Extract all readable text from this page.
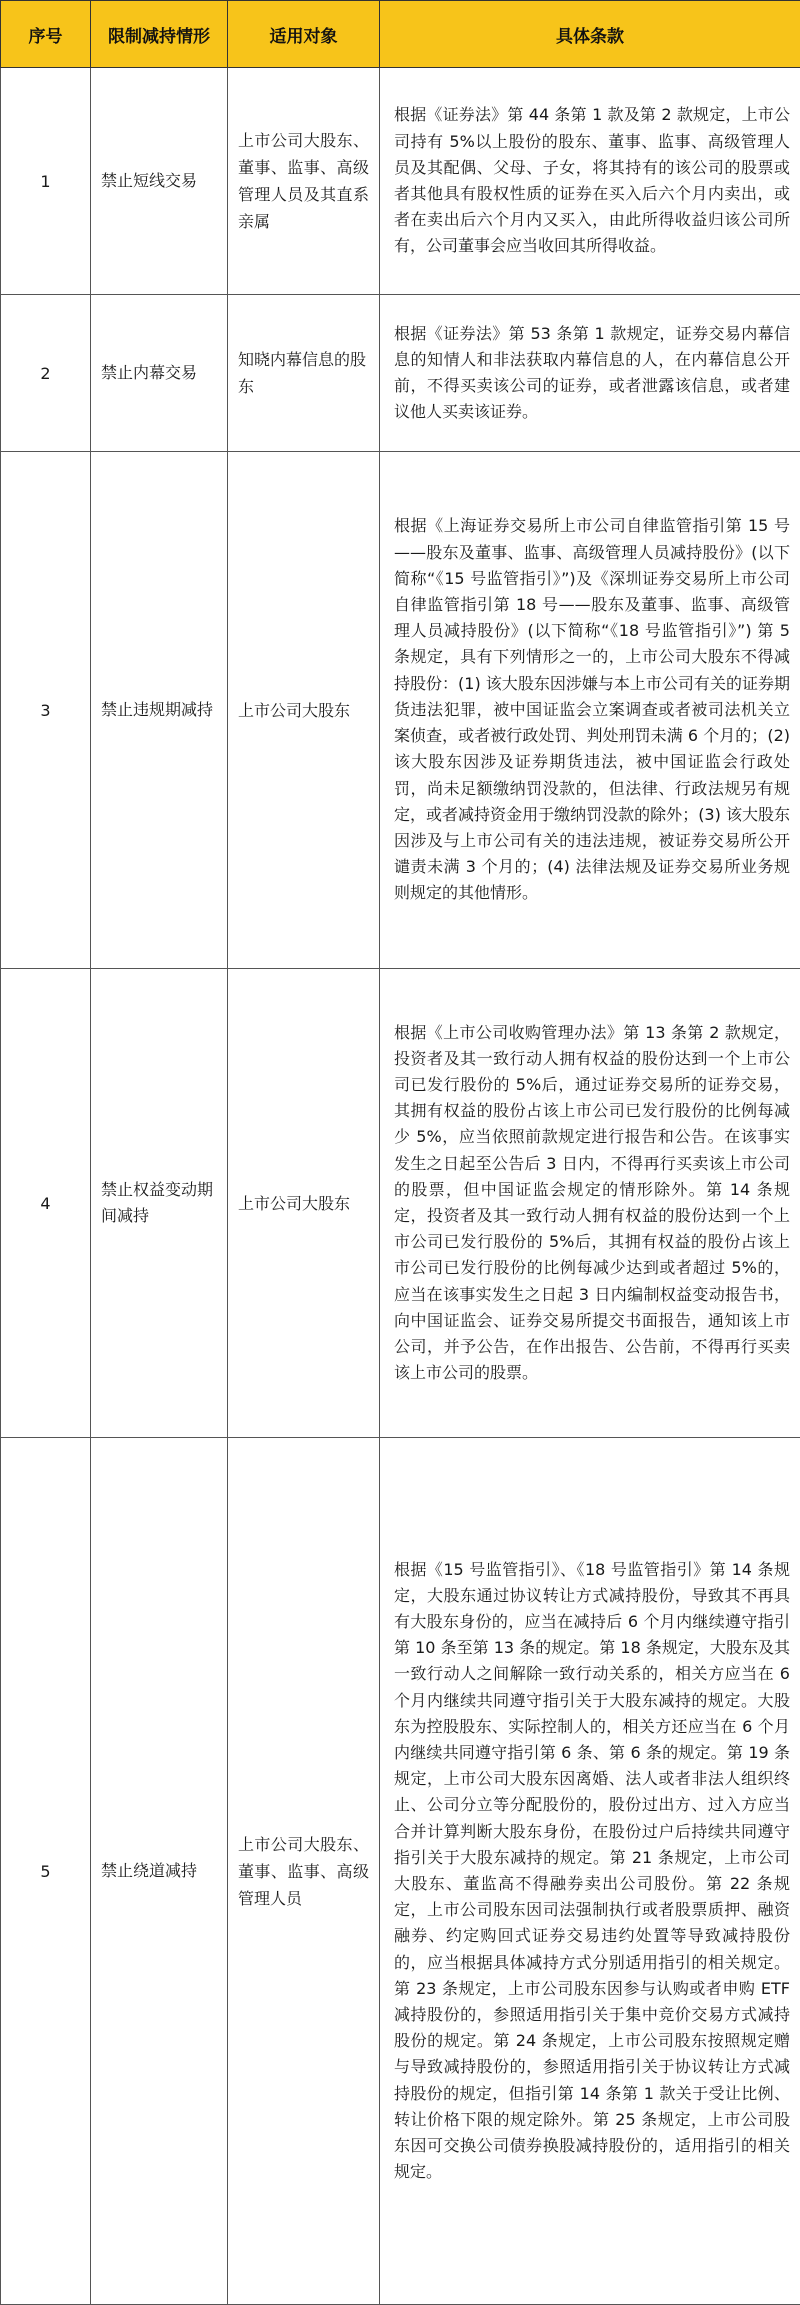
序号	限制减持情形	适用对象	具体条款
1	禁止短线交易	上市公司大股东、董事、监事、高级管理人员及其直系亲属	根据《证券法》第 44 条第 1 款及第 2 款规定，上市公司持有 5%以上股份的股东、董事、监事、高级管理人员及其配偶、父母、子女，将其持有的该公司的股票或者其他具有股权性质的证券在买入后六个月内卖出，或者在卖出后六个月内又买入，由此所得收益归该公司所有，公司董事会应当收回其所得收益。
2	禁止内幕交易	知晓内幕信息的股东	根据《证券法》第 53 条第 1 款规定，证券交易内幕信息的知情人和非法获取内幕信息的人，在内幕信息公开前，不得买卖该公司的证券，或者泄露该信息，或者建议他人买卖该证券。
3	禁止违规期减持	上市公司大股东	根据《上海证券交易所上市公司自律监管指引第 15 号——股东及董事、监事、高级管理人员减持股份》(以下简称“《15 号监管指引》”)及《深圳证券交易所上市公司自律监管指引第 18 号——股东及董事、监事、高级管理人员减持股份》(以下简称“《18 号监管指引》”) 第 5 条规定，具有下列情形之一的，上市公司大股东不得减持股份：(1) 该大股东因涉嫌与本上市公司有关的证券期货违法犯罪，被中国证监会立案调查或者被司法机关立案侦查，或者被行政处罚、判处刑罚未满 6 个月的；(2) 该大股东因涉及证券期货违法，被中国证监会行政处罚，尚未足额缴纳罚没款的，但法律、行政法规另有规定，或者减持资金用于缴纳罚没款的除外；(3) 该大股东因涉及与上市公司有关的违法违规，被证券交易所公开谴责未满 3 个月的；(4) 法律法规及证券交易所业务规则规定的其他情形。
4	禁止权益变动期间减持	上市公司大股东	根据《上市公司收购管理办法》第 13 条第 2 款规定，投资者及其一致行动人拥有权益的股份达到一个上市公司已发行股份的 5%后，通过证券交易所的证券交易，其拥有权益的股份占该上市公司已发行股份的比例每减少 5%，应当依照前款规定进行报告和公告。在该事实发生之日起至公告后 3 日内，不得再行买卖该上市公司的股票，但中国证监会规定的情形除外。第 14 条规定，投资者及其一致行动人拥有权益的股份达到一个上市公司已发行股份的 5%后，其拥有权益的股份占该上市公司已发行股份的比例每减少达到或者超过 5%的，应当在该事实发生之日起 3 日内编制权益变动报告书，向中国证监会、证券交易所提交书面报告，通知该上市公司，并予公告，在作出报告、公告前，不得再行买卖该上市公司的股票。
5	禁止绕道减持	上市公司大股东、董事、监事、高级管理人员	根据《15 号监管指引》、《18 号监管指引》第 14 条规定，大股东通过协议转让方式减持股份，导致其不再具有大股东身份的，应当在减持后 6 个月内继续遵守指引第 10 条至第 13 条的规定。第 18 条规定，大股东及其一致行动人之间解除一致行动关系的，相关方应当在 6 个月内继续共同遵守指引关于大股东减持的规定。大股东为控股股东、实际控制人的，相关方还应当在 6 个月内继续共同遵守指引第 6 条、第 6 条的规定。第 19 条规定，上市公司大股东因离婚、法人或者非法人组织终止、公司分立等分配股份的，股份过出方、过入方应当合并计算判断大股东身份，在股份过户后持续共同遵守指引关于大股东减持的规定。第 21 条规定，上市公司大股东、董监高不得融券卖出公司股份。第 22 条规定，上市公司股东因司法强制执行或者股票质押、融资融券、约定购回式证券交易违约处置等导致减持股份的，应当根据具体减持方式分别适用指引的相关规定。第 23 条规定，上市公司股东因参与认购或者申购 ETF 减持股份的，参照适用指引关于集中竞价交易方式减持股份的规定。第 24 条规定，上市公司股东按照规定赠与导致减持股份的，参照适用指引关于协议转让方式减持股份的规定，但指引第 14 条第 1 款关于受让比例、转让价格下限的规定除外。第 25 条规定，上市公司股东因可交换公司债券换股减持股份的，适用指引的相关规定。
